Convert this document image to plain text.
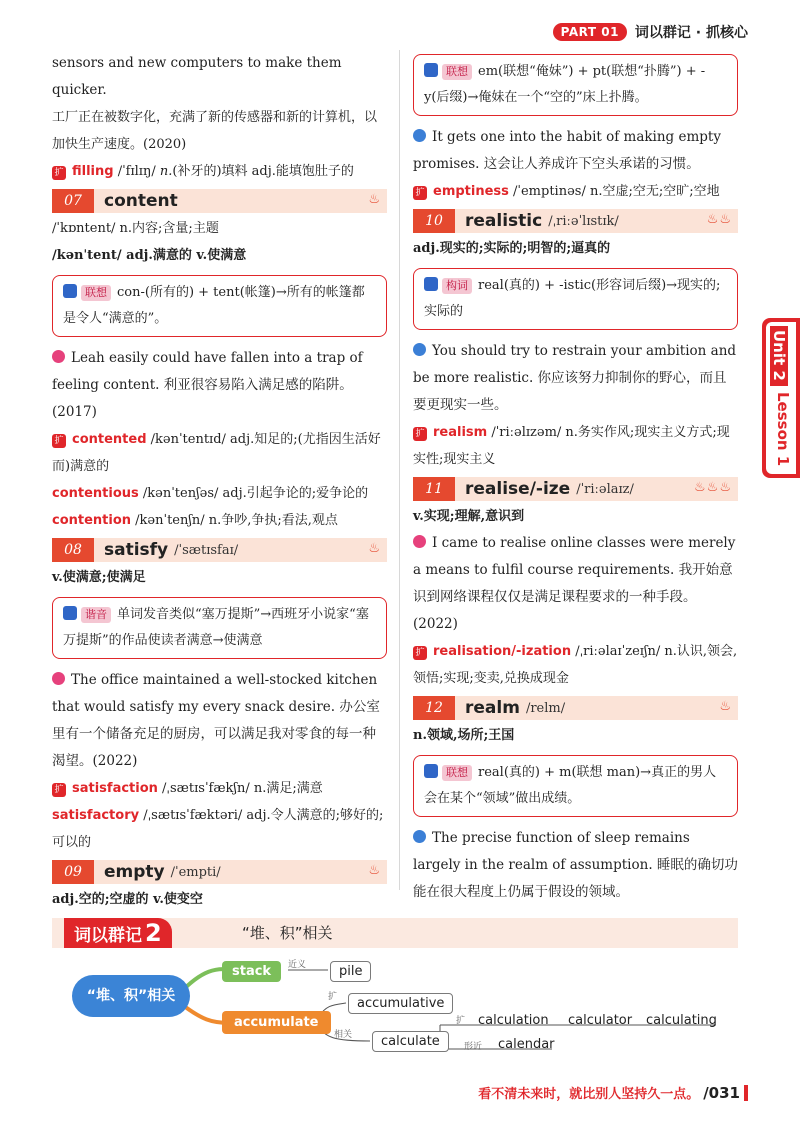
PART 01	词以群记 · 抓核心

sensors and new computers to make them quicker.

工厂正在被数字化，充满了新的传感器和新的计算机，以加快生产速度。(2020)

扩 filling /ˈfɪlɪŋ/ n.(补牙的)填料 adj.能填饱肚子的

07	content	♨

/ˈkɒntent/ n.内容;含量;主题

/kənˈtent/ adj.满意的 v.使满意

联想 con-(所有的) + tent(帐篷)→所有的帐篷都是令人“满意的”。

Leah easily could have fallen into a trap of feeling content. 利亚很容易陷入满足感的陷阱。(2017)

扩 contented /kənˈtentɪd/ adj.知足的;(尤指因生活好而)满意的

contentious /kənˈtenʃəs/ adj.引起争论的;爱争论的

contention /kənˈtenʃn/ n.争吵,争执;看法,观点

08	satisfy /ˈsætɪsfaɪ/	♨

v.使满意;使满足

谐音 单词发音类似“塞万提斯”→西班牙小说家“塞万提斯”的作品使读者满意→使满意

The office maintained a well-stocked kitchen that would satisfy my every snack desire. 办公室里有一个储备充足的厨房，可以满足我对零食的每一种渴望。(2022)

扩 satisfaction /ˌsætɪsˈfækʃn/ n.满足;满意

satisfactory /ˌsætɪsˈfæktəri/ adj.令人满意的;够好的;可以的

09	empty /ˈempti/	♨

adj.空的;空虚的 v.使变空

联想 em(联想“俺妹”) + pt(联想“扑腾”) + -y(后缀)→俺妹在一个“空的”床上扑腾。

It gets one into the habit of making empty promises. 这会让人养成许下空头承诺的习惯。

扩 emptiness /ˈemptinəs/ n.空虚;空无;空旷;空地

10	realistic /ˌriːəˈlɪstɪk/	♨♨

adj.现实的;实际的;明智的;逼真的

构词 real(真的) + -istic(形容词后缀)→现实的;实际的

You should try to restrain your ambition and be more realistic. 你应该努力抑制你的野心，而且要更现实一些。

扩 realism /ˈriːəlɪzəm/ n.务实作风;现实主义方式;现实性;现实主义

11	realise/-ize /ˈriːəlaɪz/	♨♨♨

v.实现;理解,意识到

I came to realise online classes were merely a means to fulfil course requirements. 我开始意识到网络课程仅仅是满足课程要求的一种手段。(2022)

扩 realisation/-ization /ˌriːəlaɪˈzeɪʃn/ n.认识,领会,领悟;实现;变卖,兑换成现金

12	realm /relm/	♨

n.领域,场所;王国

联想 real(真的) + m(联想 man)→真正的男人会在某个“领域”做出成绩。

The precise function of sleep remains largely in the realm of assumption. 睡眠的确切功能在很大程度上仍属于假设的领域。

Unit 2
Lesson 1
词以群记 2	“堆、积”相关
“堆、积”相关
stack	近义	pile
accumulate
扩	accumulative
相关	calculate
扩 calculation calculator calculating
形近 calendar
看不清未来时，就比别人坚持久一点。 /031
